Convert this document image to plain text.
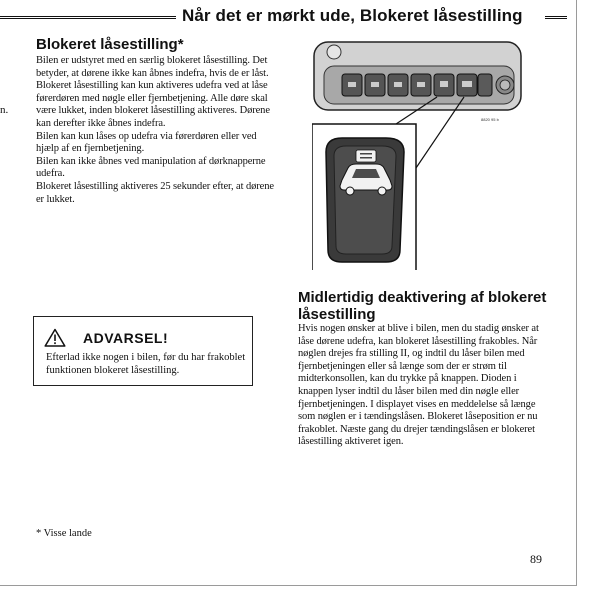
Når det er mørkt ude, Blokeret låsestilling
n.
Blokeret låsestilling*

Bilen er udstyret med en særlig blokeret låsestilling. Det betyder, at dørene ikke kan åbnes indefra, hvis de er låst. Blokeret låsestilling kan kun aktiveres udefra ved at låse førerdøren med nøgle eller fjernbetjening. Alle døre skal være lukket, inden blokeret låsestilling aktiveres. Dørene kan derefter ikke åbnes indefra.

Bilen kan kun låses op udefra via førerdøren eller ved hjælp af en fjernbetjening.

Bilen kan ikke åbnes ved manipulation af dørknapperne udefra.

Blokeret låsestilling aktiveres 25 sekunder efter, at dørene er lukket.

ADVARSEL!
Efterlad ikke nogen i bilen, før du har frakoblet funktionen blokeret låsestilling.
* Visse lande
8820 95 b
Midlertidig deaktivering af blokeret låsestilling
Hvis nogen ønsker at blive i bilen, men du stadig ønsker at låse dørene udefra, kan blokeret låsestilling frakobles. Når nøglen drejes fra stilling II, og indtil du låser bilen med fjernbetjeningen eller så længe som der er strøm til midterkonsollen, kan du trykke på knappen. Dioden i knappen lyser indtil du låser bilen med din nøgle eller fjernbetjeningen. I displayet vises en meddelelse så længe som nøglen er i tændingslåsen. Blokeret låseposition er nu frakoblet. Næste gang du drejer tændingslåsen er blokeret låsestilling aktiveret igen.
89
